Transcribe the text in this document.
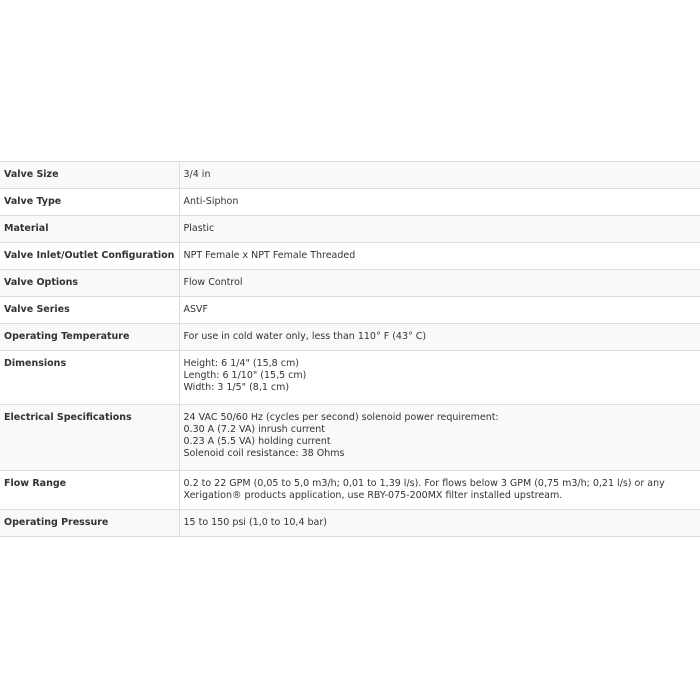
Valve Size	3/4 in

Valve Type	Anti-Siphon

Material	Plastic

Valve Inlet/Outlet Configuration	NPT Female x NPT Female Threaded

Valve Options	Flow Control

Valve Series	ASVF

Operating Temperature	For use in cold water only, less than 110° F (43° C)

Dimensions	Height: 6 1/4" (15,8 cm)
Length: 6 1/10" (15,5 cm)
Width: 3 1/5" (8,1 cm)

Electrical Specifications	24 VAC 50/60 Hz (cycles per second) solenoid power requirement:
0.30 A (7.2 VA) inrush current
0.23 A (5.5 VA) holding current
Solenoid coil resistance: 38 Ohms

Flow Range	0.2 to 22 GPM (0,05 to 5,0 m3/h; 0,01 to 1,39 l/s). For flows below 3 GPM (0,75 m3/h; 0,21 l/s) or any Xerigation® products application, use RBY-075-200MX filter installed upstream.

Operating Pressure	15 to 150 psi (1,0 to 10,4 bar)
